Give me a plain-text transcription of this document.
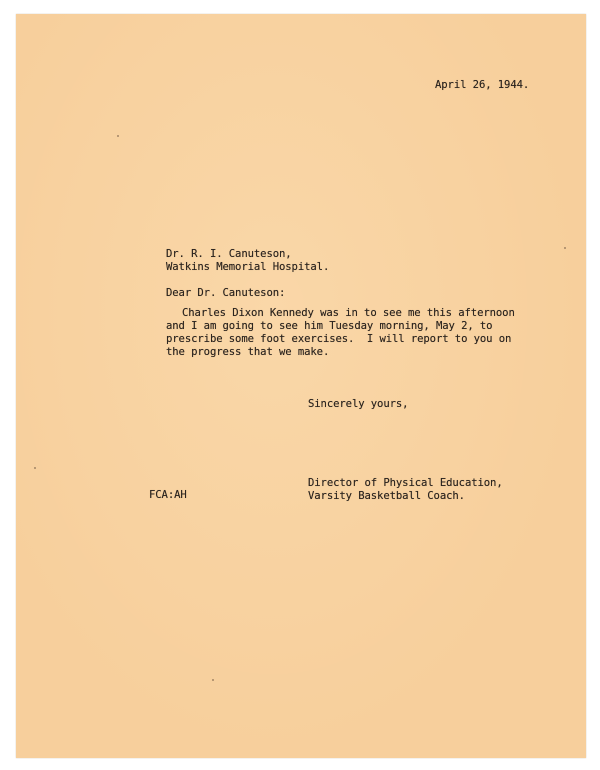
April 26, 1944.
Dr. R. I. Canuteson,
Watkins Memorial Hospital.
Dear Dr. Canuteson:
Charles Dixon Kennedy was in to see me this afternoon
and I am going to see him Tuesday morning, May 2, to
prescribe some foot exercises.  I will report to you on
the progress that we make.
Sincerely yours,
Director of Physical Education,
Varsity Basketball Coach.
FCA:AH
